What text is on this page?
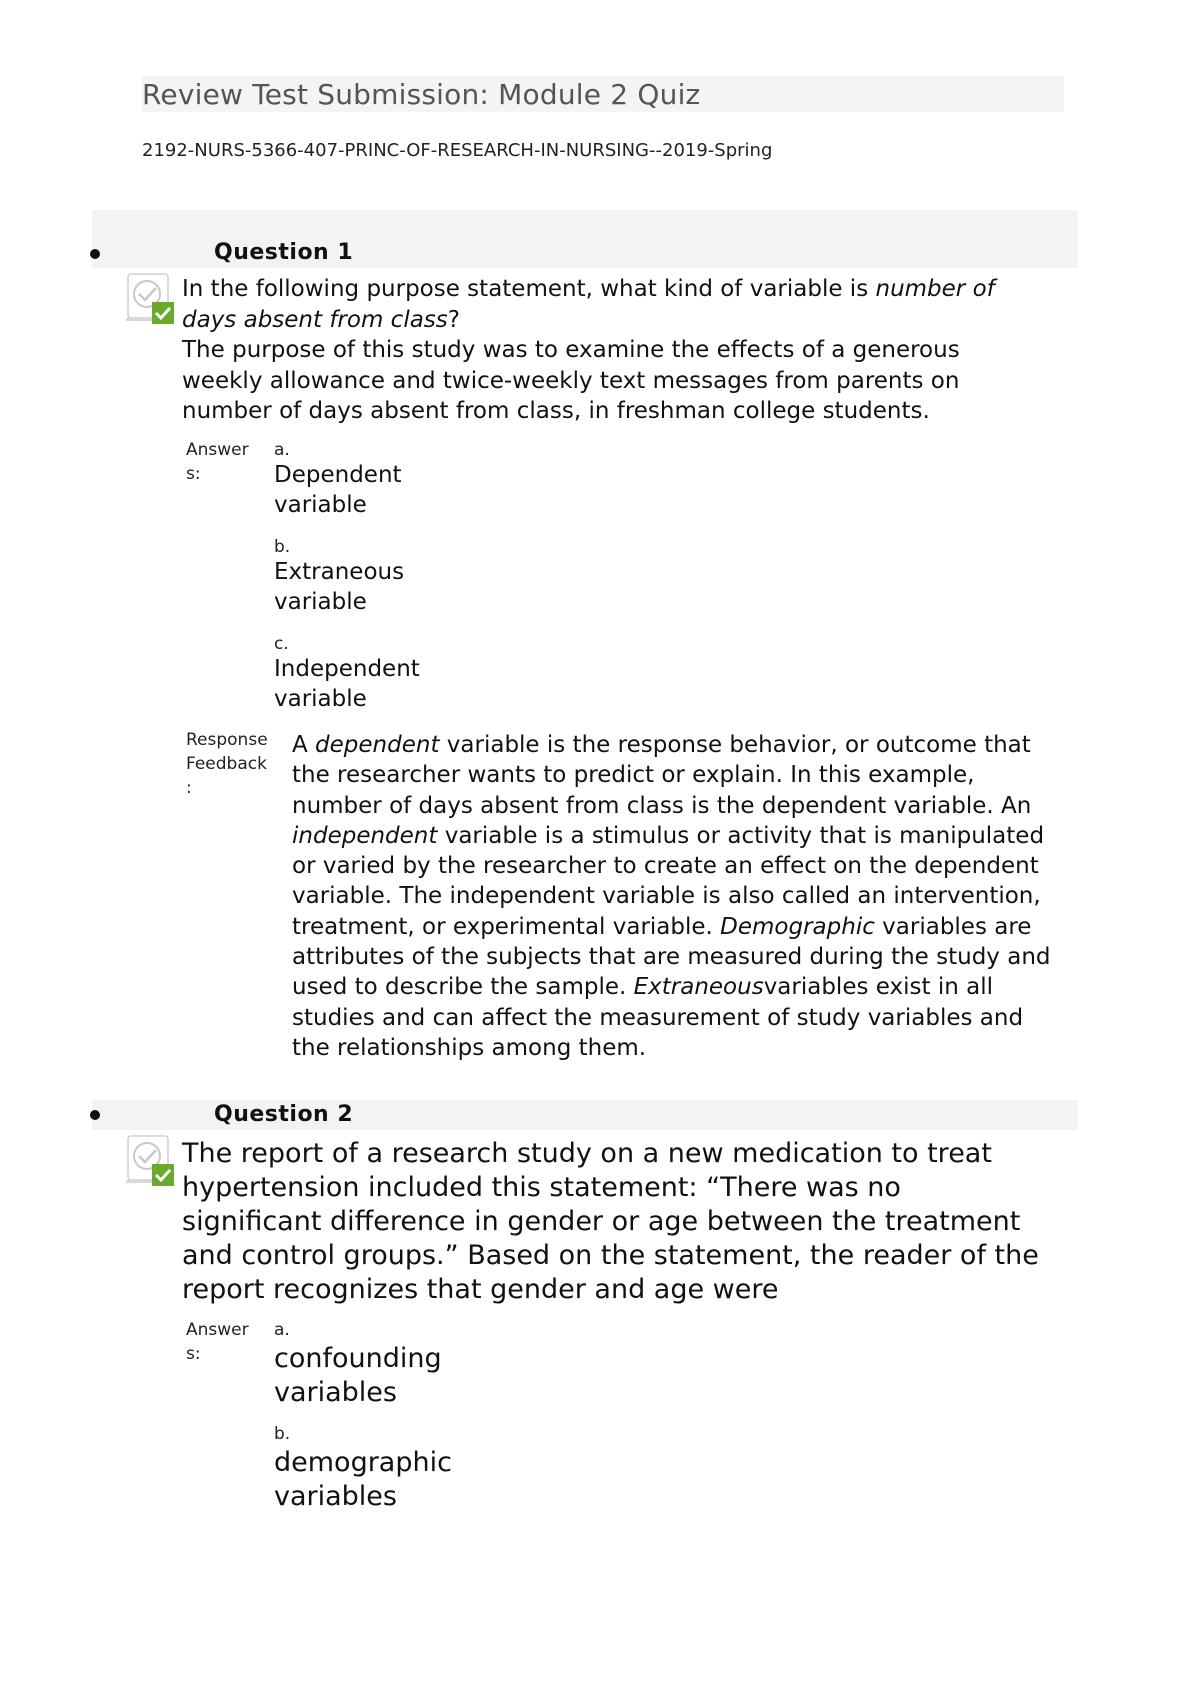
Review Test Submission: Module 2 Quiz
2192-NURS-5366-407-PRINC-OF-RESEARCH-IN-NURSING--2019-Spring
Question 1
In the following purpose statement, what kind of variable is number of days absent from class?
The purpose of this study was to examine the effects of a generous weekly allowance and twice-weekly text messages from parents on number of days absent from class, in freshman college students.
Answer
s:
a.
Dependent
variable
b.
Extraneous
variable
c.
Independent
variable
Response
Feedback
:
A dependent variable is the response behavior, or outcome that the researcher wants to predict or explain. In this example, number of days absent from class is the dependent variable. An independent variable is a stimulus or activity that is manipulated or varied by the researcher to create an effect on the dependent variable. The independent variable is also called an intervention, treatment, or experimental variable. Demographic variables are attributes of the subjects that are measured during the study and used to describe the sample. Extraneousvariables exist in all studies and can affect the measurement of study variables and the relationships among them.
Question 2
The report of a research study on a new medication to treat hypertension included this statement: “There was no significant difference in gender or age between the treatment and control groups.” Based on the statement, the reader of the report recognizes that gender and age were
Answer
s:
a.
confounding
variables
b.
demographic
variables
